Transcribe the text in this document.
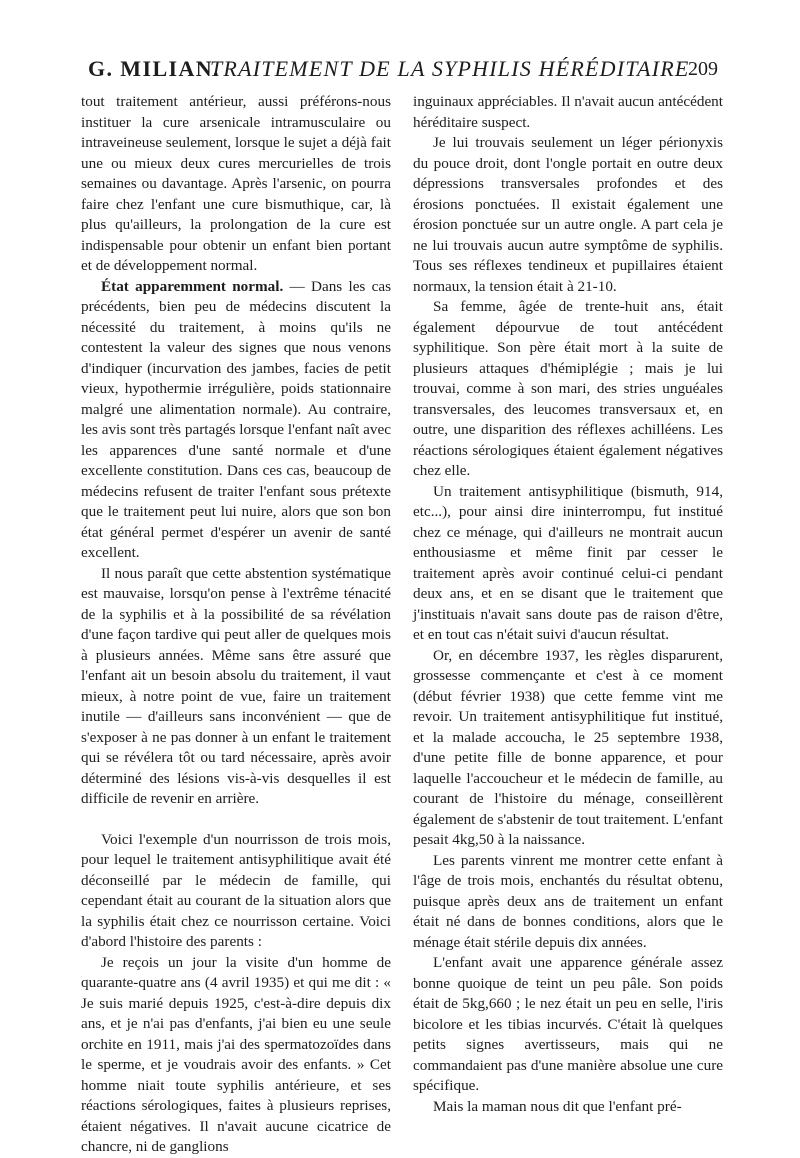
G. MILIAN.
TRAITEMENT DE LA SYPHILIS HÉRÉDITAIRE
209

tout traitement antérieur, aussi préférons-nous instituer la cure arsenicale intramusculaire ou intraveineuse seulement, lorsque le sujet a déjà fait une ou mieux deux cures mercurielles de trois semaines ou davantage. Après l'arsenic, on pourra faire chez l'enfant une cure bismuthique, car, là plus qu'ailleurs, la prolongation de la cure est indispensable pour obtenir un enfant bien portant et de développement normal.

État apparemment normal. — Dans les cas précédents, bien peu de médecins discutent la nécessité du traitement, à moins qu'ils ne contestent la valeur des signes que nous venons d'indiquer (incurvation des jambes, facies de petit vieux, hypothermie irrégulière, poids stationnaire malgré une alimentation normale). Au contraire, les avis sont très partagés lorsque l'enfant naît avec les apparences d'une santé normale et d'une excellente constitution. Dans ces cas, beaucoup de médecins refusent de traiter l'enfant sous prétexte que le traitement peut lui nuire, alors que son bon état général permet d'espérer un avenir de santé excellent.

Il nous paraît que cette abstention systématique est mauvaise, lorsqu'on pense à l'extrême ténacité de la syphilis et à la possibilité de sa révélation d'une façon tardive qui peut aller de quelques mois à plusieurs années. Même sans être assuré que l'enfant ait un besoin absolu du traitement, il vaut mieux, à notre point de vue, faire un traitement inutile — d'ailleurs sans inconvénient — que de s'exposer à ne pas donner à un enfant le traitement qui se révélera tôt ou tard nécessaire, après avoir déterminé des lésions vis-à-vis desquelles il est difficile de revenir en arrière.

Voici l'exemple d'un nourrisson de trois mois, pour lequel le traitement antisyphilitique avait été déconseillé par le médecin de famille, qui cependant était au courant de la situation alors que la syphilis était chez ce nourrisson certaine. Voici d'abord l'histoire des parents :

Je reçois un jour la visite d'un homme de quarante-quatre ans (4 avril 1935) et qui me dit : « Je suis marié depuis 1925, c'est-à-dire depuis dix ans, et je n'ai pas d'enfants, j'ai bien eu une seule orchite en 1911, mais j'ai des spermatozoïdes dans le sperme, et je voudrais avoir des enfants. » Cet homme niait toute syphilis antérieure, et ses réactions sérologiques, faites à plusieurs reprises, étaient négatives. Il n'avait aucune cicatrice de chancre, ni de ganglions

inguinaux appréciables. Il n'avait aucun antécédent héréditaire suspect.

Je lui trouvais seulement un léger périonyxis du pouce droit, dont l'ongle portait en outre deux dépressions transversales profondes et des érosions ponctuées. Il existait également une érosion ponctuée sur un autre ongle. A part cela je ne lui trouvais aucun autre symptôme de syphilis. Tous ses réflexes tendineux et pupillaires étaient normaux, la tension était à 21-10.

Sa femme, âgée de trente-huit ans, était également dépourvue de tout antécédent syphilitique. Son père était mort à la suite de plusieurs attaques d'hémiplégie ; mais je lui trouvai, comme à son mari, des stries unguéales transversales, des leucomes transversaux et, en outre, une disparition des réflexes achilléens. Les réactions sérologiques étaient également négatives chez elle.

Un traitement antisyphilitique (bismuth, 914, etc...), pour ainsi dire ininterrompu, fut institué chez ce ménage, qui d'ailleurs ne montrait aucun enthousiasme et même finit par cesser le traitement après avoir continué celui-ci pendant deux ans, et en se disant que le traitement que j'instituais n'avait sans doute pas de raison d'être, et en tout cas n'était suivi d'aucun résultat.

Or, en décembre 1937, les règles disparurent, grossesse commençante et c'est à ce moment (début février 1938) que cette femme vint me revoir. Un traitement antisyphilitique fut institué, et la malade accoucha, le 25 septembre 1938, d'une petite fille de bonne apparence, et pour laquelle l'accoucheur et le médecin de famille, au courant de l'histoire du ménage, conseillèrent également de s'abstenir de tout traitement. L'enfant pesait 4kg,50 à la naissance.

Les parents vinrent me montrer cette enfant à l'âge de trois mois, enchantés du résultat obtenu, puisque après deux ans de traitement un enfant était né dans de bonnes conditions, alors que le ménage était stérile depuis dix années.

L'enfant avait une apparence générale assez bonne quoique de teint un peu pâle. Son poids était de 5kg,660 ; le nez était un peu en selle, l'iris bicolore et les tibias incurvés. C'était là quelques petits signes avertisseurs, mais qui ne commandaient pas d'une manière absolue une cure spécifique.

Mais la maman nous dit que l'enfant pré-
